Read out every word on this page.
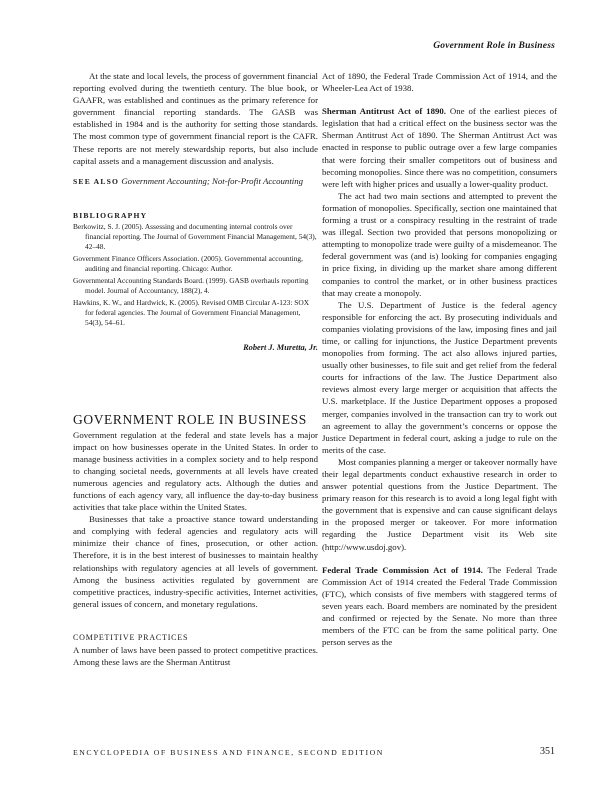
Government Role in Business

At the state and local levels, the process of government financial reporting evolved during the twentieth century. The blue book, or GAAFR, was established and continues as the primary reference for government financial reporting standards. The GASB was established in 1984 and is the authority for setting those standards. The most common type of government financial report is the CAFR. These reports are not merely stewardship reports, but also include capital assets and a management discussion and analysis.

SEE ALSO Government Accounting; Not-for-Profit Accounting

BIBLIOGRAPHY
Berkowitz, S. J. (2005). Assessing and documenting internal controls over financial reporting. The Journal of Government Financial Management, 54(3), 42–48.
Government Finance Officers Association. (2005). Governmental accounting, auditing and financial reporting. Chicago: Author.
Governmental Accounting Standards Board. (1999). GASB overhauls reporting model. Journal of Accountancy, 188(2), 4.
Hawkins, K. W., and Hardwick, K. (2005). Revised OMB Circular A-123: SOX for federal agencies. The Journal of Government Financial Management, 54(3), 54–61.
Robert J. Muretta, Jr.
GOVERNMENT ROLE IN BUSINESS

Government regulation at the federal and state levels has a major impact on how businesses operate in the United States. In order to manage business activities in a complex society and to help respond to changing societal needs, governments at all levels have created numerous agencies and regulatory acts. Although the duties and functions of each agency vary, all influence the day-to-day business activities that take place within the United States.

Businesses that take a proactive stance toward understanding and complying with federal agencies and regulatory acts will minimize their chance of fines, prosecution, or other action. Therefore, it is in the best interest of businesses to maintain healthy relationships with regulatory agencies at all levels of government. Among the business activities regulated by government are competitive practices, industry-specific activities, Internet activities, general issues of concern, and monetary regulations.

COMPETITIVE PRACTICES

A number of laws have been passed to protect competitive practices. Among these laws are the Sherman Antitrust

Act of 1890, the Federal Trade Commission Act of 1914, and the Wheeler-Lea Act of 1938.

Sherman Antitrust Act of 1890. One of the earliest pieces of legislation that had a critical effect on the business sector was the Sherman Antitrust Act of 1890. The Sherman Antitrust Act was enacted in response to public outrage over a few large companies that were forcing their smaller competitors out of business and becoming monopolies. Since there was no competition, consumers were left with higher prices and usually a lower-quality product.

The act had two main sections and attempted to prevent the formation of monopolies. Specifically, section one maintained that forming a trust or a conspiracy resulting in the restraint of trade was illegal. Section two provided that persons monopolizing or attempting to monopolize trade were guilty of a misdemeanor. The federal government was (and is) looking for companies engaging in price fixing, in dividing up the market share among different companies to control the market, or in other business practices that may create a monopoly.

The U.S. Department of Justice is the federal agency responsible for enforcing the act. By prosecuting individuals and companies violating provisions of the law, imposing fines and jail time, or calling for injunctions, the Justice Department prevents monopolies from forming. The act also allows injured parties, usually other businesses, to file suit and get relief from the federal courts for infractions of the law. The Justice Department also reviews almost every large merger or acquisition that affects the U.S. marketplace. If the Justice Department opposes a proposed merger, companies involved in the transaction can try to work out an agreement to allay the government’s concerns or oppose the Justice Department in federal court, asking a judge to rule on the merits of the case.

Most companies planning a merger or takeover normally have their legal departments conduct exhaustive research in order to answer potential questions from the Justice Department. The primary reason for this research is to avoid a long legal fight with the government that is expensive and can cause significant delays in the proposed merger or takeover. For more information regarding the Justice Department visit its Web site (http://www.usdoj.gov).

Federal Trade Commission Act of 1914. The Federal Trade Commission Act of 1914 created the Federal Trade Commission (FTC), which consists of five members with staggered terms of seven years each. Board members are nominated by the president and confirmed or rejected by the Senate. No more than three members of the FTC can be from the same political party. One person serves as the

ENCYCLOPEDIA OF BUSINESS AND FINANCE, SECOND EDITION	351
